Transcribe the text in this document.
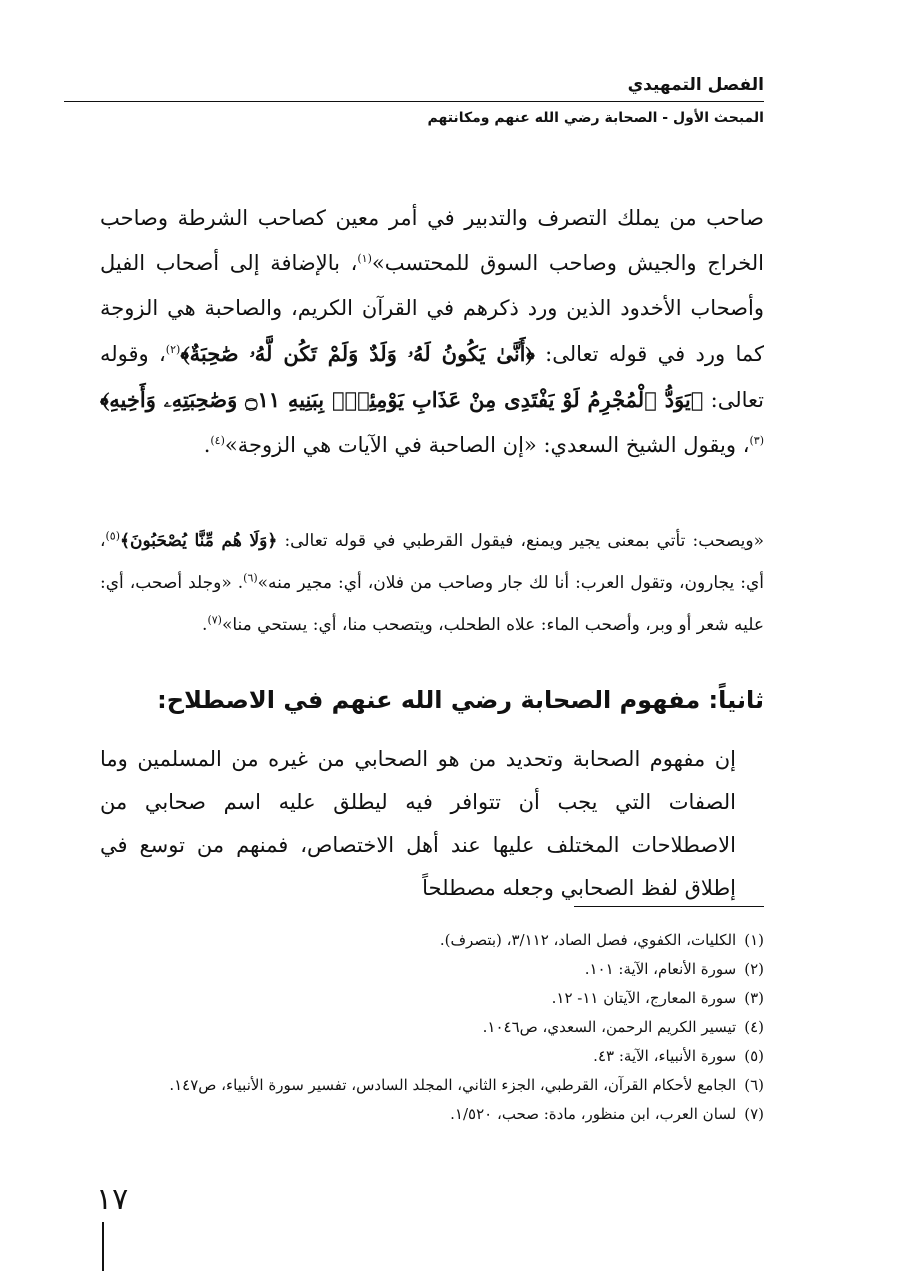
الفصل التمهيدي
المبحث الأول - الصحابة رضي الله عنهم ومكانتهم

صاحب من يملك التصرف والتدبير في أمر معين كصاحب الشرطة وصاحب الخراج والجيش وصاحب السوق للمحتسب»$^{(١)}$، بالإضافة إلى أصحاب الفيل وأصحاب الأخدود الذين ورد ذكرهم في القرآن الكريم، والصاحبة هي الزوجة كما ورد في قوله تعالى: ﴿أَنَّىٰ يَكُونُ لَهُۥ وَلَدٌ وَلَمْ تَكُن لَّهُۥ صَٰحِبَةٌ﴾$^{(٢)}$، وقوله تعالى: ﴿يَوَدُّ ٱلْمُجْرِمُ لَوْ يَفْتَدِى مِنْ عَذَابِ يَوْمِئِذٍۭ بِبَنِيهِ ۝١١ وَصَٰحِبَتِهِۦ وَأَخِيهِ﴾$^{(٣)}$، ويقول الشيخ السعدي: «إن الصاحبة في الآيات هي الزوجة»$^{(٤)}$.

«ويصحب: تأتي بمعنى يجير ويمنع، فيقول القرطبي في قوله تعالى: ﴿وَلَا هُم مِّنَّا يُصْحَبُونَ﴾$^{(٥)}$، أي: يجارون، وتقول العرب: أنا لك جار وصاحب من فلان، أي: مجير منه»$^{(٦)}$. «وجلد أصحب، أي: عليه شعر أو وبر، وأصحب الماء: علاه الطحلب، ويتصحب منا، أي: يستحي منا»$^{(٧)}$.

ثانياً: مفهوم الصحابة رضي الله عنهم في الاصطلاح:

إن مفهوم الصحابة وتحديد من هو الصحابي من غيره من المسلمين وما الصفات التي يجب أن تتوافر فيه ليطلق عليه اسم صحابي من الاصطلاحات المختلف عليها عند أهل الاختصاص، فمنهم من توسع في إطلاق لفظ الصحابي وجعله مصطلحاً

(١)الكليات، الكفوي، فصل الصاد، ٣/١١٢، (بتصرف).
(٢)سورة الأنعام، الآية: ١٠١.
(٣)سورة المعارج، الآيتان ١١- ١٢.
(٤)تيسير الكريم الرحمن، السعدي، ص١٠٤٦.
(٥)سورة الأنبياء، الآية: ٤٣.
(٦)الجامع لأحكام القرآن، القرطبي، الجزء الثاني، المجلد السادس، تفسير سورة الأنبياء، ص١٤٧.
(٧)لسان العرب، ابن منظور، مادة: صحب، ١/٥٢٠.
١٧
